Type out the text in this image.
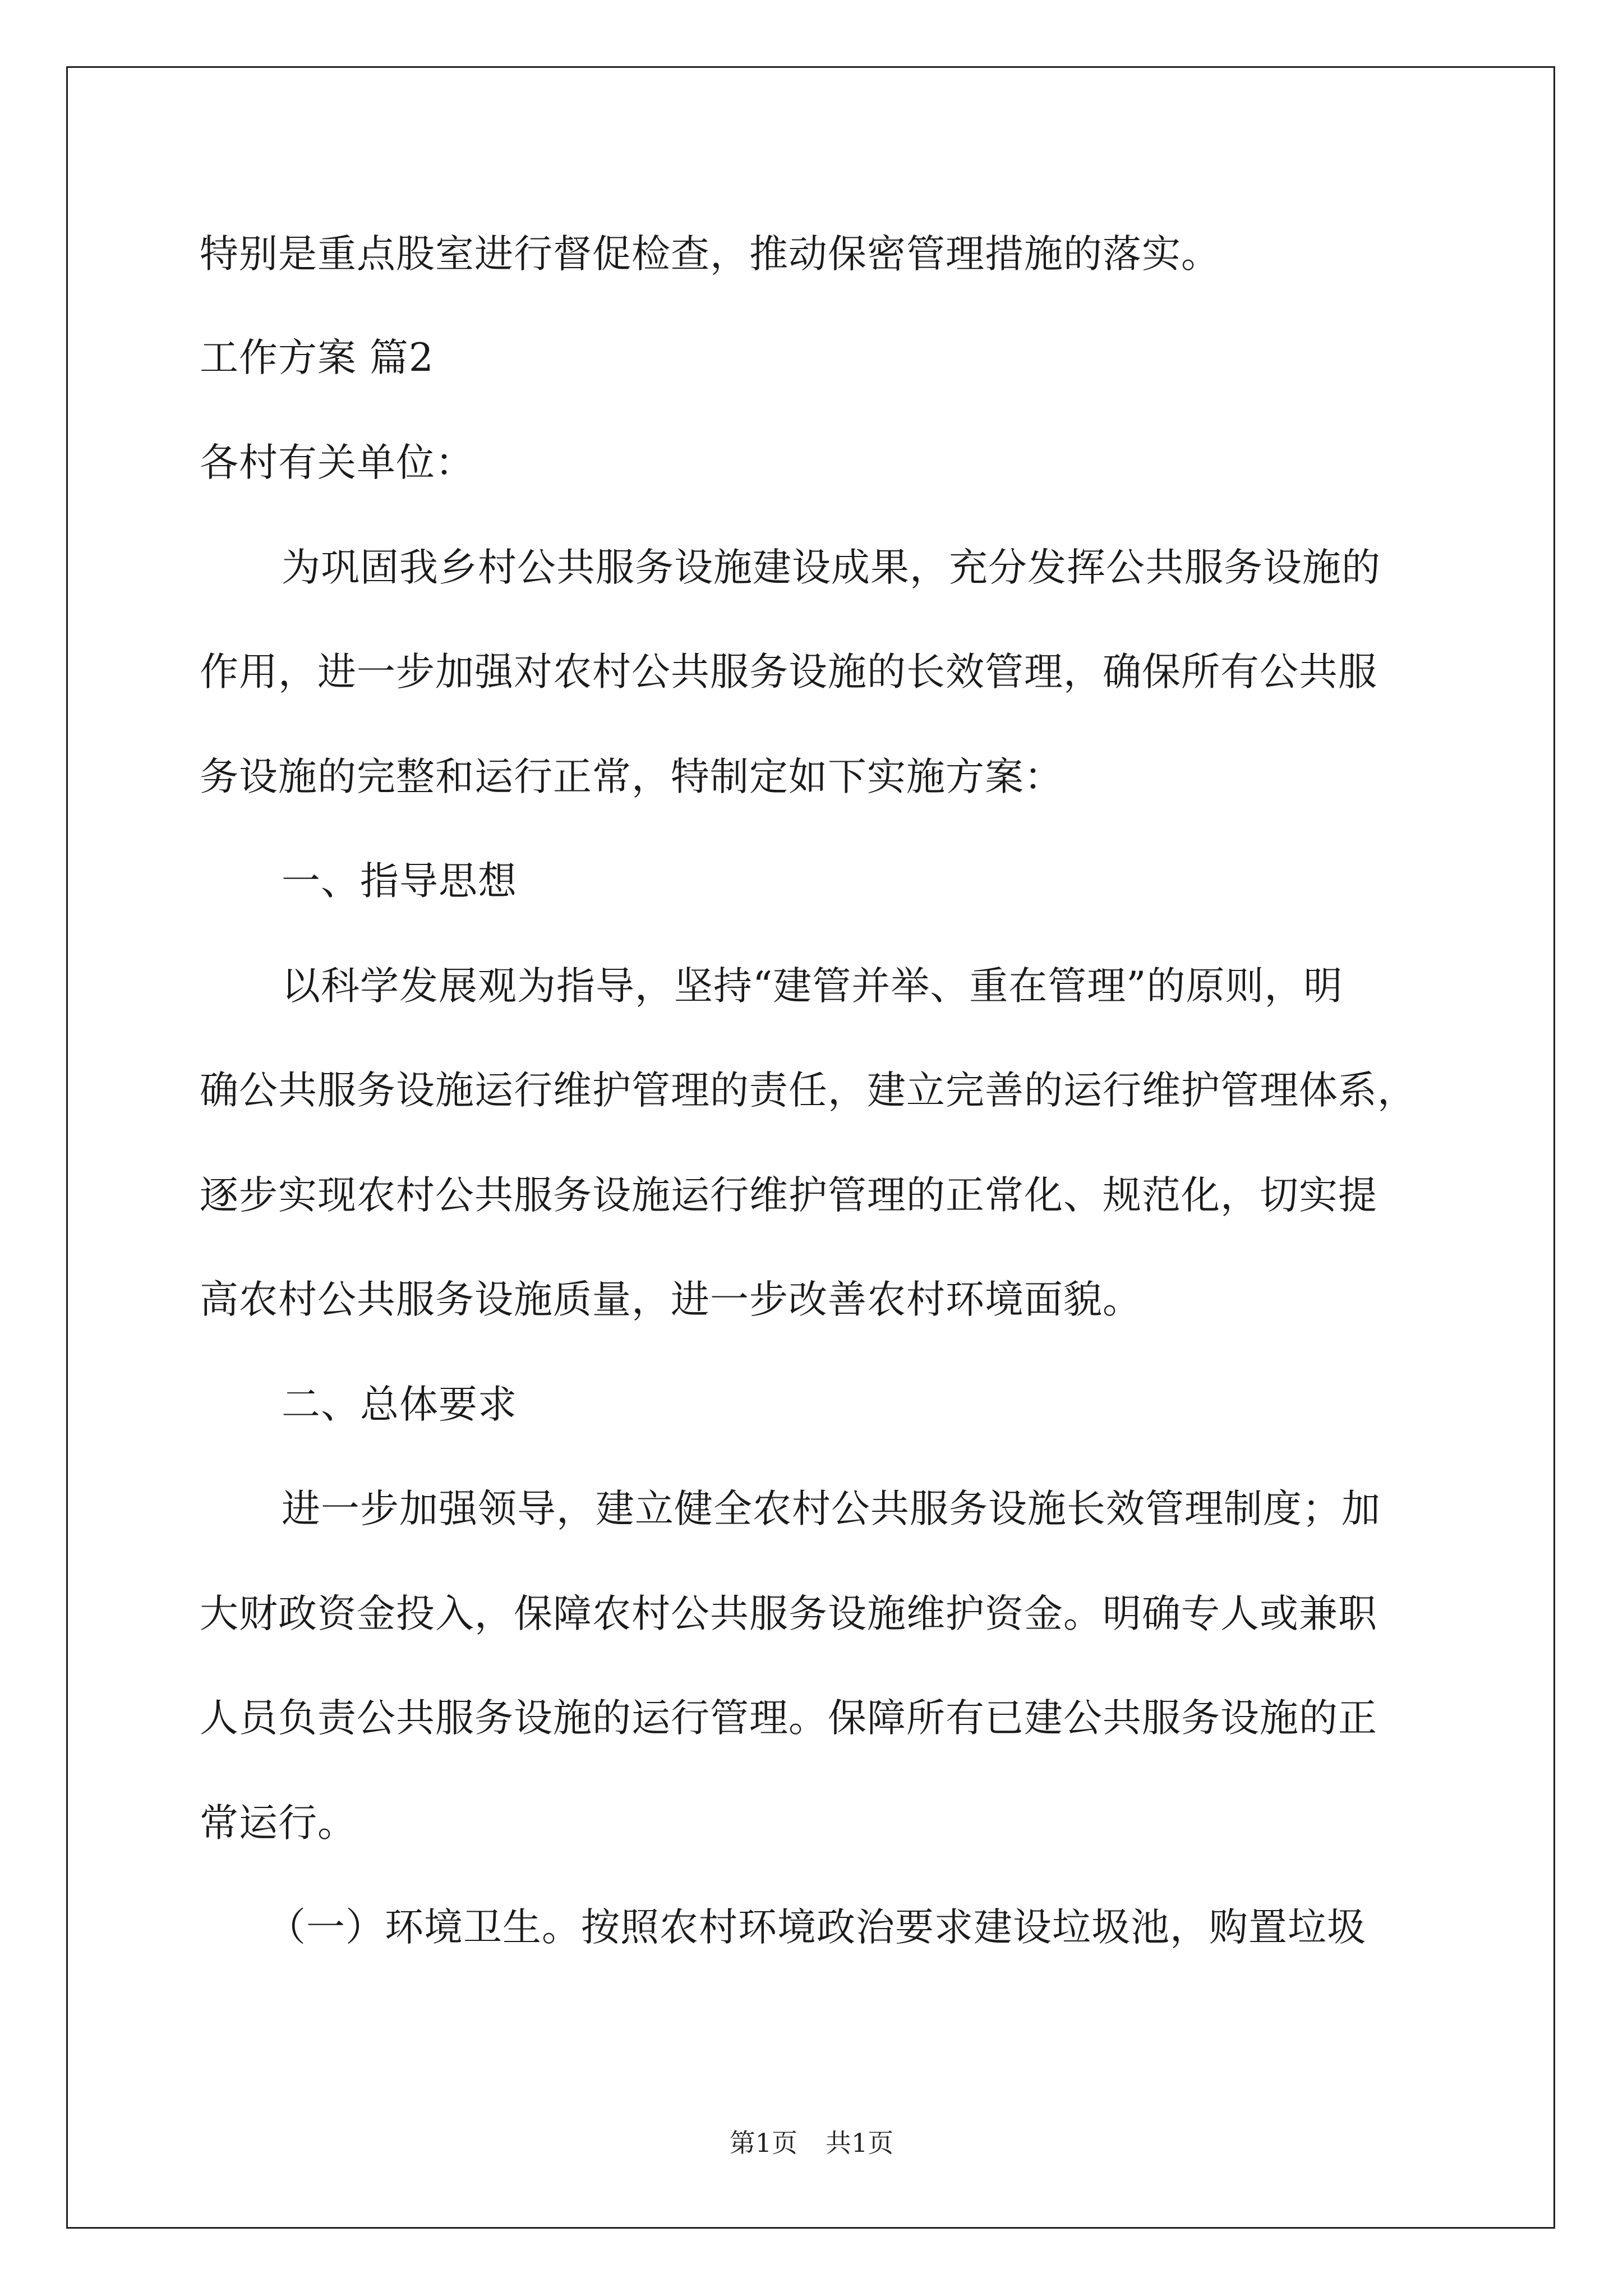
特别是重点股室进行督促检查，推动保密管理措施的落实。
工作方案 篇2
各村有关单位：
为巩固我乡村公共服务设施建设成果，充分发挥公共服务设施的
作用，进一步加强对农村公共服务设施的长效管理，确保所有公共服
务设施的完整和运行正常，特制定如下实施方案：
一、指导思想
以科学发展观为指导，坚持“建管并举、重在管理”的原则，明
确公共服务设施运行维护管理的责任，建立完善的运行维护管理体系，
逐步实现农村公共服务设施运行维护管理的正常化、规范化，切实提
高农村公共服务设施质量，进一步改善农村环境面貌。
二、总体要求
进一步加强领导，建立健全农村公共服务设施长效管理制度；加
大财政资金投入，保障农村公共服务设施维护资金。明确专人或兼职
人员负责公共服务设施的运行管理。保障所有已建公共服务设施的正
常运行。
（一）环境卫生。按照农村环境政治要求建设垃圾池，购置垃圾
第1页 共1页
